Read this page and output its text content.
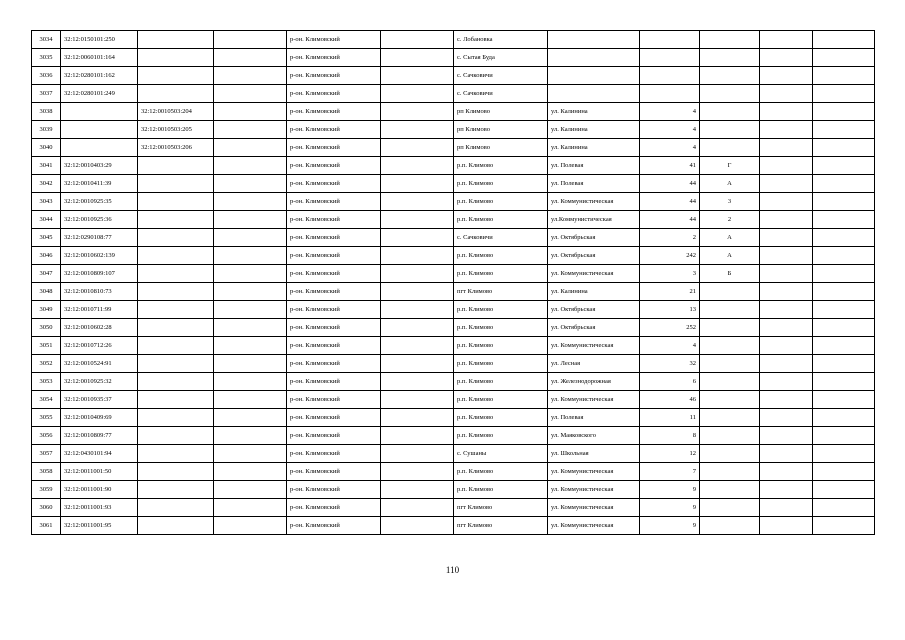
3034	32:12:0150101:250			р-он. Климовский		с. Лобановка					
3035	32:12:0060101:164			р-он. Климовский		с. Сытая Буда					
3036	32:12:0280101:162			р-он. Климовский		с. Сачковичи					
3037	32:12:0280101:249			р-он. Климовский		с. Сачковичи					
3038		32:12:0010503:204		р-он. Климовский		рп Климово	ул. Калинина	4			
3039		32:12:0010503:205		р-он. Климовский		рп Климово	ул. Калинина	4			
3040		32:12:0010503:206		р-он. Климовский		рп Климово	ул. Калинина	4			
3041	32:12:0010403:29			р-он. Климовский		р.п. Климово	ул. Полевая	41	Г		
3042	32:12:0010411:39			р-он. Климовский		р.п. Климово	ул. Полевая	44	А		
3043	32:12:0010925:35			р-он. Климовский		р.п. Климово	ул. Коммунистическая	44	3		
3044	32:12:0010925:36			р-он. Климовский		р.п. Климово	ул.Коммунистическая	44	2		
3045	32:12:0290108:77			р-он. Климовский		с. Сачковичи	ул. Октябрьская	2	А		
3046	32:12:0010602:139			р-он. Климовский		р.п. Климово	ул. Октябрьская	242	А		
3047	32:12:0010809:107			р-он. Климовский		р.п. Климово	ул. Коммунистическая	3	Б		
3048	32:12:0010810:73			р-он. Климовский		пгт Климово	ул. Калинина	21			
3049	32:12:0010711:99			р-он. Климовский		р.п. Климово	ул. Октябрьская	13			
3050	32:12:0010602:28			р-он. Климовский		р.п. Климово	ул. Октябрьская	252			
3051	32:12:0010712:26			р-он. Климовский		р.п. Климово	ул. Коммунистическая	4			
3052	32:12:0010524:91			р-он. Климовский		р.п. Климово	ул. Лесная	32			
3053	32:12:0010925:32			р-он. Климовский		р.п. Климово	ул. Железнодорожная	6			
3054	32:12:0010935:37			р-он. Климовский		р.п. Климово	ул. Коммунистическая	46			
3055	32:12:0010409:69			р-он. Климовский		р.п. Климово	ул. Полевая	11			
3056	32:12:0010809:77			р-он. Климовский		р.п. Климово	ул. Маяковского	8			
3057	32:12:0430101:94			р-он. Климовский		с. Сушаны	ул. Школьная	12			
3058	32:12:0011001:50			р-он. Климовский		р.п. Климово	ул. Коммунистическая	7			
3059	32:12:0011001:90			р-он. Климовский		р.п. Климово	ул. Коммунистическая	9			
3060	32:12:0011001:93			р-он. Климовский		пгт Климово	ул. Коммунистическая	9			
3061	32:12:0011001:95			р-он. Климовский		пгт Климово	ул. Коммунистическая	9			
110
